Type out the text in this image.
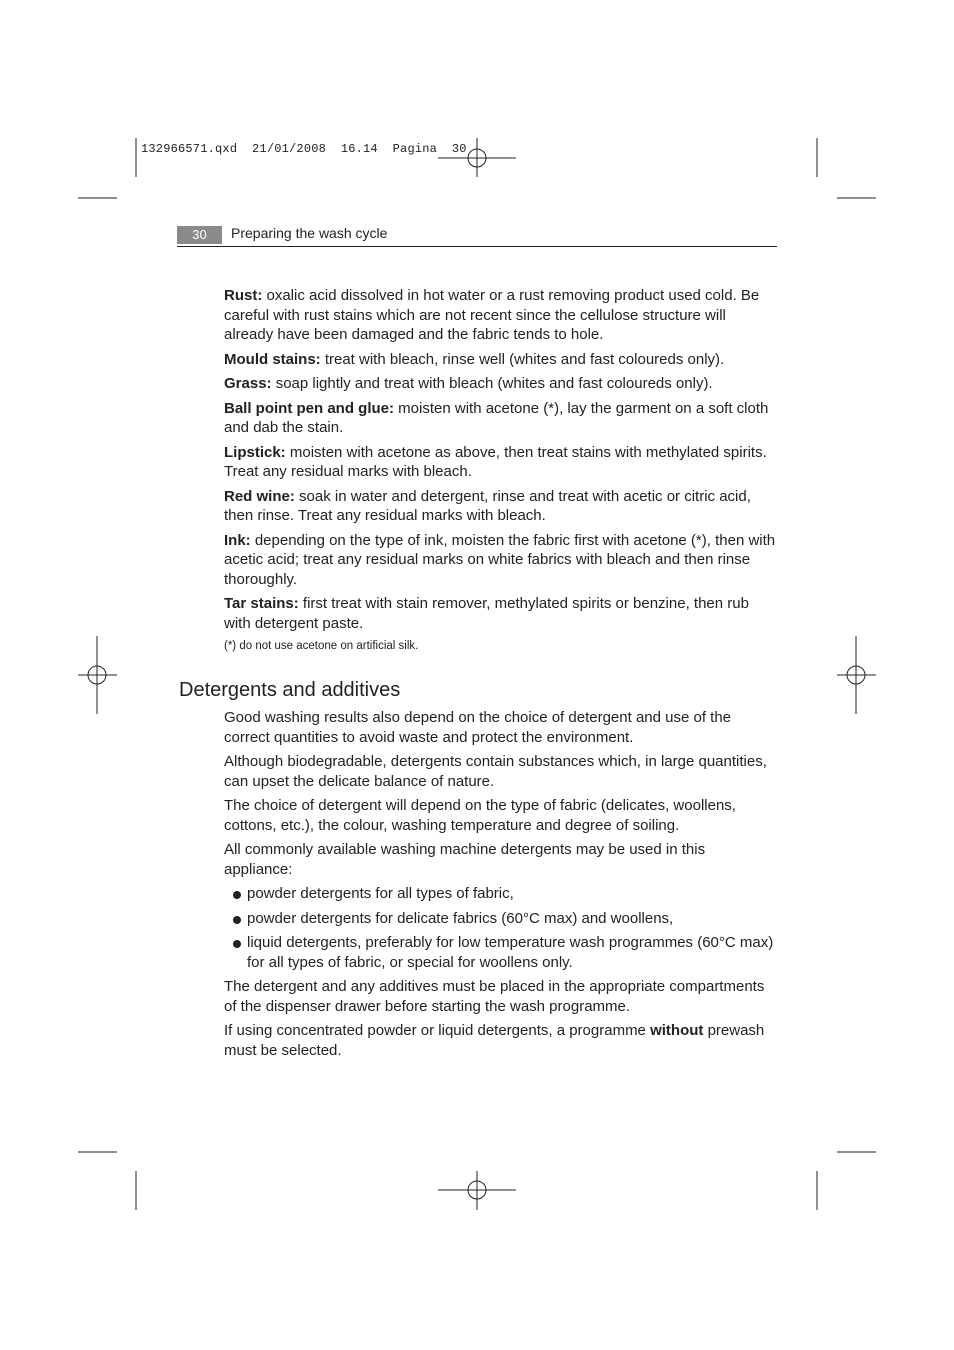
132966571.qxd  21/01/2008  16.14  Pagina  30
30	Preparing the wash cycle

Rust: oxalic acid dissolved in hot water or a rust removing product used cold. Be careful with rust stains which are not recent since the cellulose structure will already have been damaged and the fabric tends to hole.

Mould stains: treat with bleach, rinse well (whites and fast coloureds only).

Grass: soap lightly and treat with bleach (whites and fast coloureds only).

Ball point pen and glue: moisten with acetone (*), lay the garment on a soft cloth and dab the stain.

Lipstick: moisten with acetone as above, then treat stains with methylated spirits. Treat any residual marks with bleach.

Red wine: soak in water and detergent, rinse and treat with acetic or citric acid, then rinse. Treat any residual marks with bleach.

Ink: depending on the type of ink, moisten the fabric first with acetone (*), then with acetic acid; treat any residual marks on white fabrics with bleach and then rinse thoroughly.

Tar stains: first treat with stain remover, methylated spirits or benzine, then rub with detergent paste.

(*) do not use acetone on artificial silk.

Detergents and additives

Good washing results also depend on the choice of detergent and use of the correct quantities to avoid waste and protect the environment.

Although biodegradable, detergents contain substances which, in large quantities, can upset the delicate balance of nature.

The choice of detergent will depend on the type of fabric (delicates, woollens, cottons, etc.), the colour, washing temperature and degree of soiling.

All commonly available washing machine detergents may be used in this appliance:

powder detergents for all types of fabric,
powder detergents for delicate fabrics (60°C max) and woollens,
liquid detergents, preferably for low temperature wash programmes (60°C max) for all types of fabric, or special for woollens only.

The detergent and any additives must be placed in the appropriate compartments of the dispenser drawer before starting the wash programme.

If using concentrated powder or liquid detergents, a programme without prewash must be selected.
